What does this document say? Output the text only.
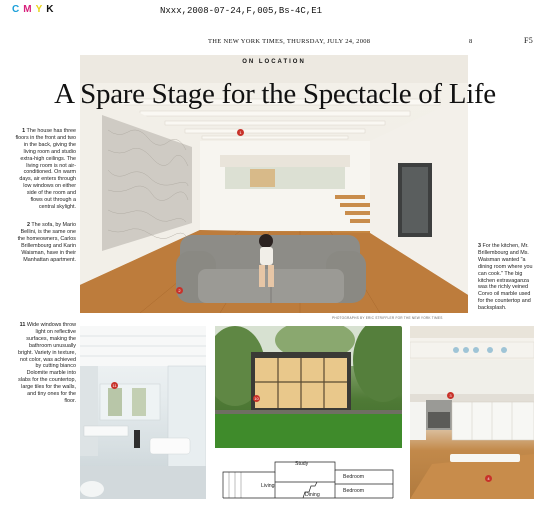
CMYK	Nxxx,2008-07-24,F,005,Bs-4C,E1
THE NEW YORK TIMES, THURSDAY, JULY 24, 2008	8	F5
ON LOCATION
A Spare Stage for the Spectacle of Life
PHOTOGRAPHS BY ERIC STRIFFLER FOR THE NEW YORK TIMES
1
2
1 The house has three floors in the front and two in the back, giving the living room and studio extra-high ceilings. The living room is not air-conditioned. On warm days, air enters through low windows on either side of the room and flows out through a central skylight.
2 The sofa, by Mario Bellini, is the same one the homeowners, Carlos Brillembourg and Karin Waisman, have in their Manhattan apartment.
3 For the kitchen, Mr. Brillembourg and Ms. Waisman wanted "a dining room where you can cook." The big kitchen extravaganza was the richly veined Corvo oil marble used for the countertop and backsplash.
11 Wide windows throw light on reflective surfaces, making the bathroom unusually bright. Variety in texture, not color, was achieved by cutting bianco Dolomite marble into slabs for the countertop, large tiles for the walls, and tiny ones for the floor.
11
10
Study
Living
Bedroom
Bedroom
Dining
3
4
